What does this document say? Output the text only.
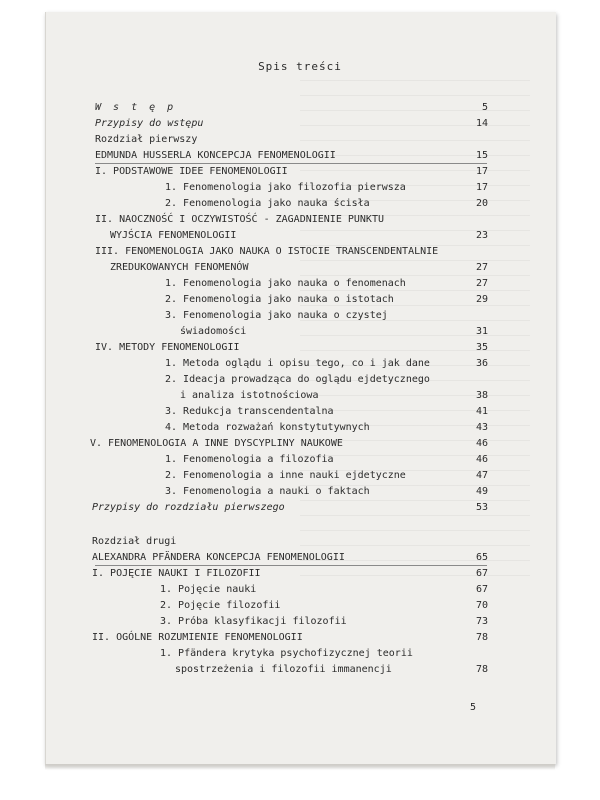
Spis treści
W s t ę p	5
Przypisy do wstępu	14
Rozdział pierwszy
EDMUNDA HUSSERLA KONCEPCJA FENOMENOLOGII	15
I. PODSTAWOWE IDEE FENOMENOLOGII	17
1. Fenomenologia jako filozofia pierwsza	17
2. Fenomenologia jako nauka ścisła	20
II. NAOCZNOŚĆ I OCZYWISTOŚĆ - ZAGADNIENIE PUNKTU
WYJŚCIA FENOMENOLOGII	23
III. FENOMENOLOGIA JAKO NAUKA O ISTOCIE TRANSCENDENTALNIE
ZREDUKOWANYCH FENOMENÓW	27
1. Fenomenologia jako nauka o fenomenach	27
2. Fenomenologia jako nauka o istotach	29
3. Fenomenologia jako nauka o czystej
świadomości	31
IV. METODY FENOMENOLOGII	35
1. Metoda oglądu i opisu tego, co i jak dane	36
2. Ideacja prowadząca do oglądu ejdetycznego
i analiza istotnościowa	38
3. Redukcja transcendentalna	41
4. Metoda rozważań konstytutywnych	43
V. FENOMENOLOGIA A INNE DYSCYPLINY NAUKOWE	46
1. Fenomenologia a filozofia	46
2. Fenomenologia a inne nauki ejdetyczne	47
3. Fenomenologia a nauki o faktach	49
Przypisy do rozdziału pierwszego	53
Rozdział drugi
ALEXANDRA PFÄNDERA KONCEPCJA FENOMENOLOGII	65
I. POJĘCIE NAUKI I FILOZOFII	67
1. Pojęcie nauki	67
2. Pojęcie filozofii	70
3. Próba klasyfikacji filozofii	73
II. OGÓLNE ROZUMIENIE FENOMENOLOGII	78
1. Pfändera krytyka psychofizycznej teorii
spostrzeżenia i filozofii immanencji	78
5
